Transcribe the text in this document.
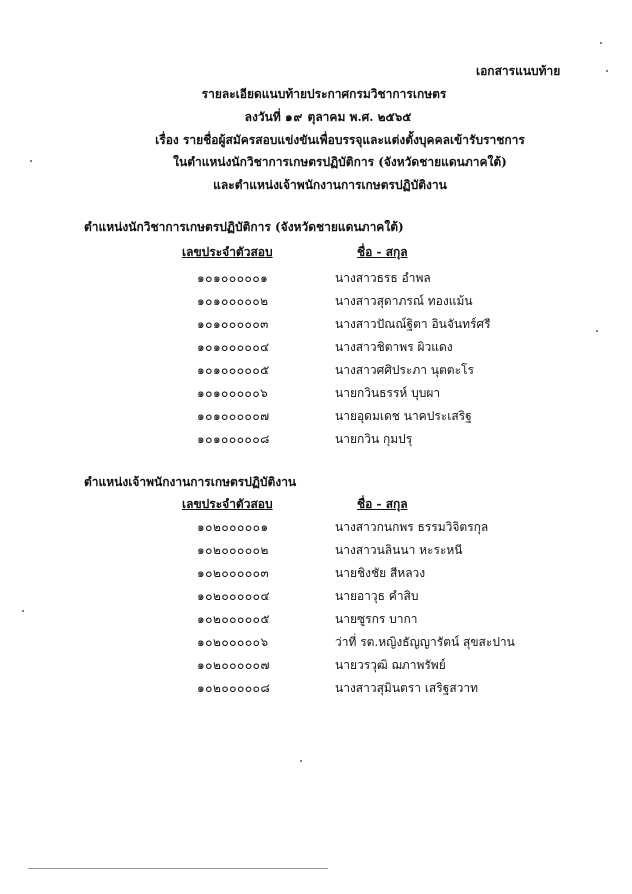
เอกสารแนบท้าย
รายละเอียดแนบท้ายประกาศกรมวิชาการเกษตร
ลงวันที่ ๑๙ ตุลาคม พ.ศ. ๒๕๖๕
เรื่อง รายชื่อผู้สมัครสอบแข่งขันเพื่อบรรจุและแต่งตั้งบุคคลเข้ารับราชการ
ในตำแหน่งนักวิชาการเกษตรปฏิบัติการ (จังหวัดชายแดนภาคใต้)
และตำแหน่งเจ้าพนักงานการเกษตรปฏิบัติงาน
ตำแหน่งนักวิชาการเกษตรปฏิบัติการ (จังหวัดชายแดนภาคใต้)
เลขประจำตัวสอบ	ชื่อ - สกุล
๑๐๑๐๐๐๐๐๑	นางสาวธรธ อำพล
๑๐๑๐๐๐๐๐๒	นางสาวสุดาภรณ์ ทองแม้น
๑๐๑๐๐๐๐๐๓	นางสาวปัณณ์ฐิตา อินจันทร์ศรี
๑๐๑๐๐๐๐๐๔	นางสาวชิตาพร ผิวแดง
๑๐๑๐๐๐๐๐๕	นางสาวศศิประภา นุตตะโร
๑๐๑๐๐๐๐๐๖	นายกวินธรรห์ บุบผา
๑๐๑๐๐๐๐๐๗	นายอุดมเดช นาคประเสริฐ
๑๐๑๐๐๐๐๐๘	นายกวิน กุมปรุ
ตำแหน่งเจ้าพนักงานการเกษตรปฏิบัติงาน
เลขประจำตัวสอบ	ชื่อ - สกุล
๑๐๒๐๐๐๐๐๑	นางสาวกนกพร ธรรมวิจิตรกุล
๑๐๒๐๐๐๐๐๒	นางสาวนลินนา หะระหนี
๑๐๒๐๐๐๐๐๓	นายชิงชัย สีหลวง
๑๐๒๐๐๐๐๐๔	นายอาวุธ คำสิบ
๑๐๒๐๐๐๐๐๕	นายซูรกร บากา
๑๐๒๐๐๐๐๐๖	ว่าที่ รต.หญิงธัญญารัตน์ สุขสะปาน
๑๐๒๐๐๐๐๐๗	นายวรวุฒิ ฌภาพรัพย์
๑๐๒๐๐๐๐๐๘	นางสาวสุมินตรา เสริฐสวาท
